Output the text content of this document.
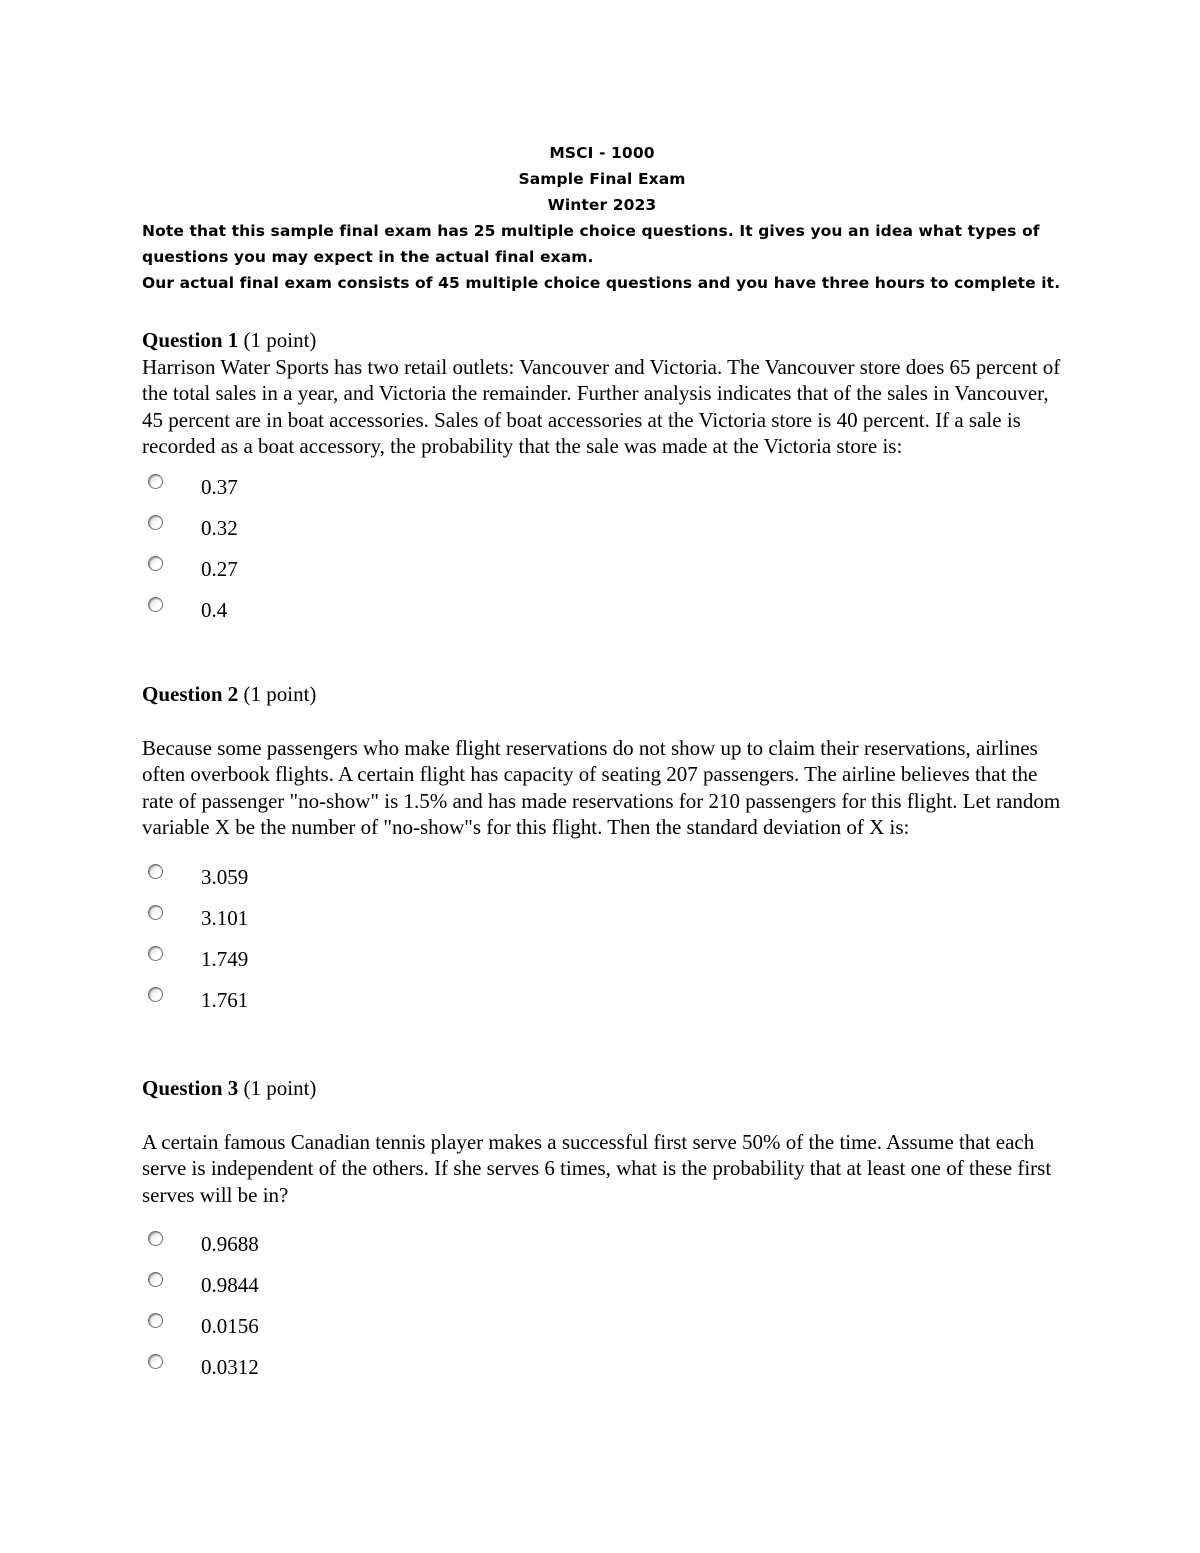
MSCI - 1000
Sample Final Exam
Winter 2023
Note that this sample final exam has 25 multiple choice questions. It gives you an idea what types of questions you may expect in the actual final exam.
Our actual final exam consists of 45 multiple choice questions and you have three hours to complete it.
Question 1 (1 point)
Harrison Water Sports has two retail outlets: Vancouver and Victoria. The Vancouver store does 65 percent of the total sales in a year, and Victoria the remainder. Further analysis indicates that of the sales in Vancouver, 45 percent are in boat accessories. Sales of boat accessories at the Victoria store is 40 percent. If a sale is recorded as a boat accessory, the probability that the sale was made at the Victoria store is:
0.37
0.32
0.27
0.4
Question 2 (1 point)
Because some passengers who make flight reservations do not show up to claim their reservations, airlines often overbook flights. A certain flight has capacity of seating 207 passengers. The airline believes that the rate of passenger "no-show" is 1.5% and has made reservations for 210 passengers for this flight. Let random variable X be the number of "no-show"s for this flight. Then the standard deviation of X is:
3.059
3.101
1.749
1.761
Question 3 (1 point)
A certain famous Canadian tennis player makes a successful first serve 50% of the time. Assume that each serve is independent of the others. If she serves 6 times, what is the probability that at least one of these first serves will be in?
0.9688
0.9844
0.0156
0.0312
